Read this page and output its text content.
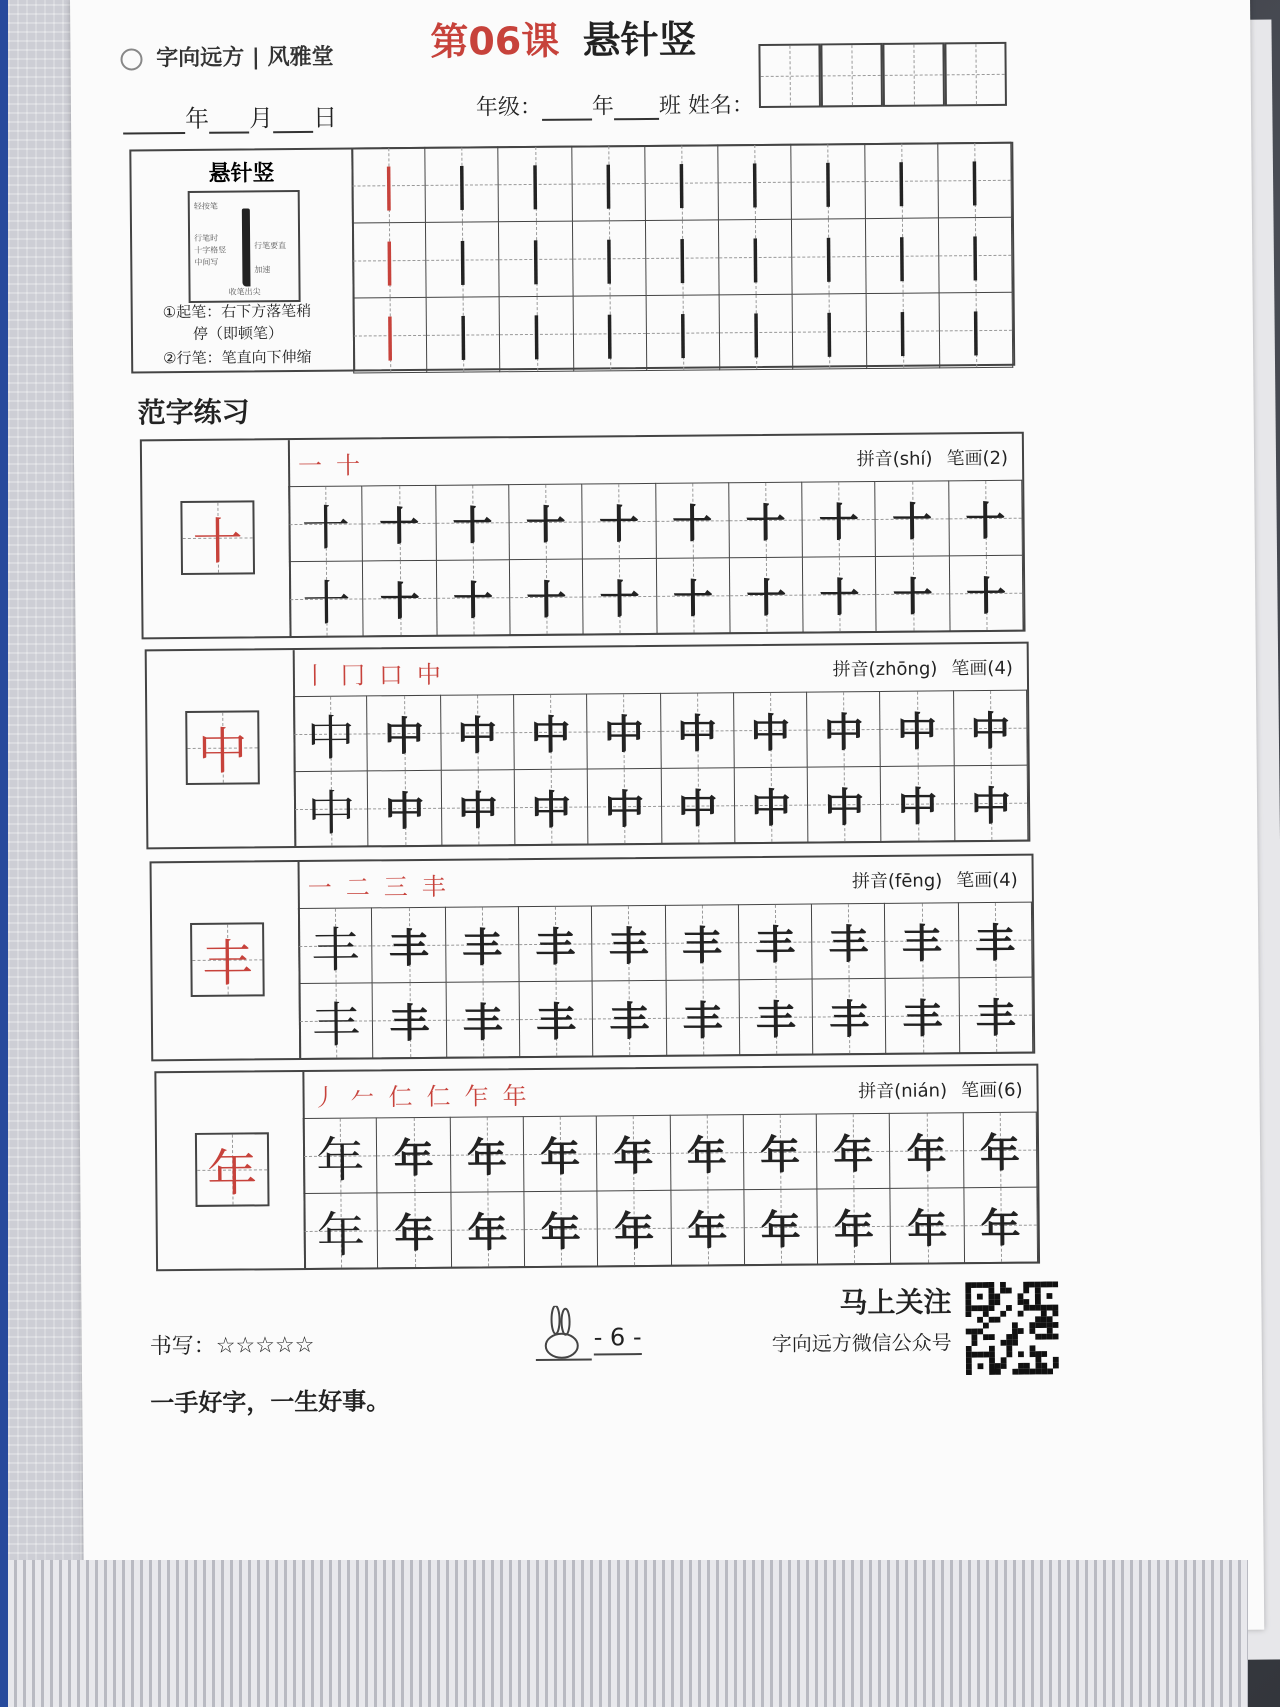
字向远方 | 风雅堂	第06课 悬针竖
年 月 日	年级： 年 班 姓名：
悬针竖
轻按笔
行笔时
十字格竖
中间写
行笔要直
加速
收笔出尖
①起笔：右下方落笔稍
停（即顿笔）
②行笔：笔直向下伸缩
|	|	|	|	|	|	|	|	|
|	|	|	|	|	|	|	|	|
|	|	|	|	|	|	|	|	|
范字练习
十
一 十	拼音(shí) 笔画(2)
十	十	十	十	十	十	十	十	十	十
十	十	十	十	十	十	十	十	十	十
中
丨 冂 口 中	拼音(zhōng) 笔画(4)
中	中	中	中	中	中	中	中	中	中
中	中	中	中	中	中	中	中	中	中
丰
一 二 三 丰	拼音(fēng) 笔画(4)
丰	丰	丰	丰	丰	丰	丰	丰	丰	丰
丰	丰	丰	丰	丰	丰	丰	丰	丰	丰
年
丿 𠂉 仁 仁 乍 年	拼音(nián) 笔画(6)
年	年	年	年	年	年	年	年	年	年
年	年	年	年	年	年	年	年	年	年
书写：☆☆☆☆☆
一手好字，一生好事。
- 6 -
马上关注
字向远方微信公众号
